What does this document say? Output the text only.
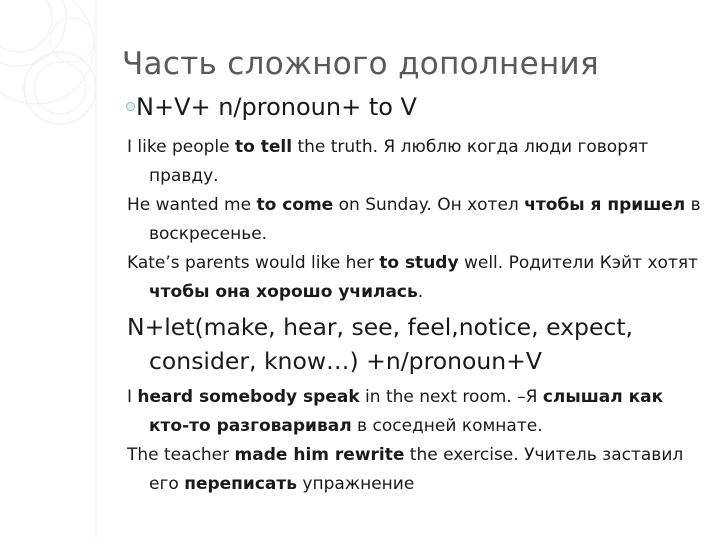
Часть сложного дополнения
N+V+ n/pronoun+ to V

I like people to tell the truth. Я люблю когда люди говорят правду.

He wanted me to come on Sunday. Он хотел чтобы я пришел в воскресенье.

Kate’s parents would like her to study well. Родители Кэйт хотят чтобы она хорошо училась.

N+let(make, hear, see, feel,notice, expect, consider, know…) +n/pronoun+V

I heard somebody speak in the next room. –Я слышал как кто-то разговаривал в соседней комнате.

The teacher made him rewrite the exercise. Учитель заставил его переписать упражнение
